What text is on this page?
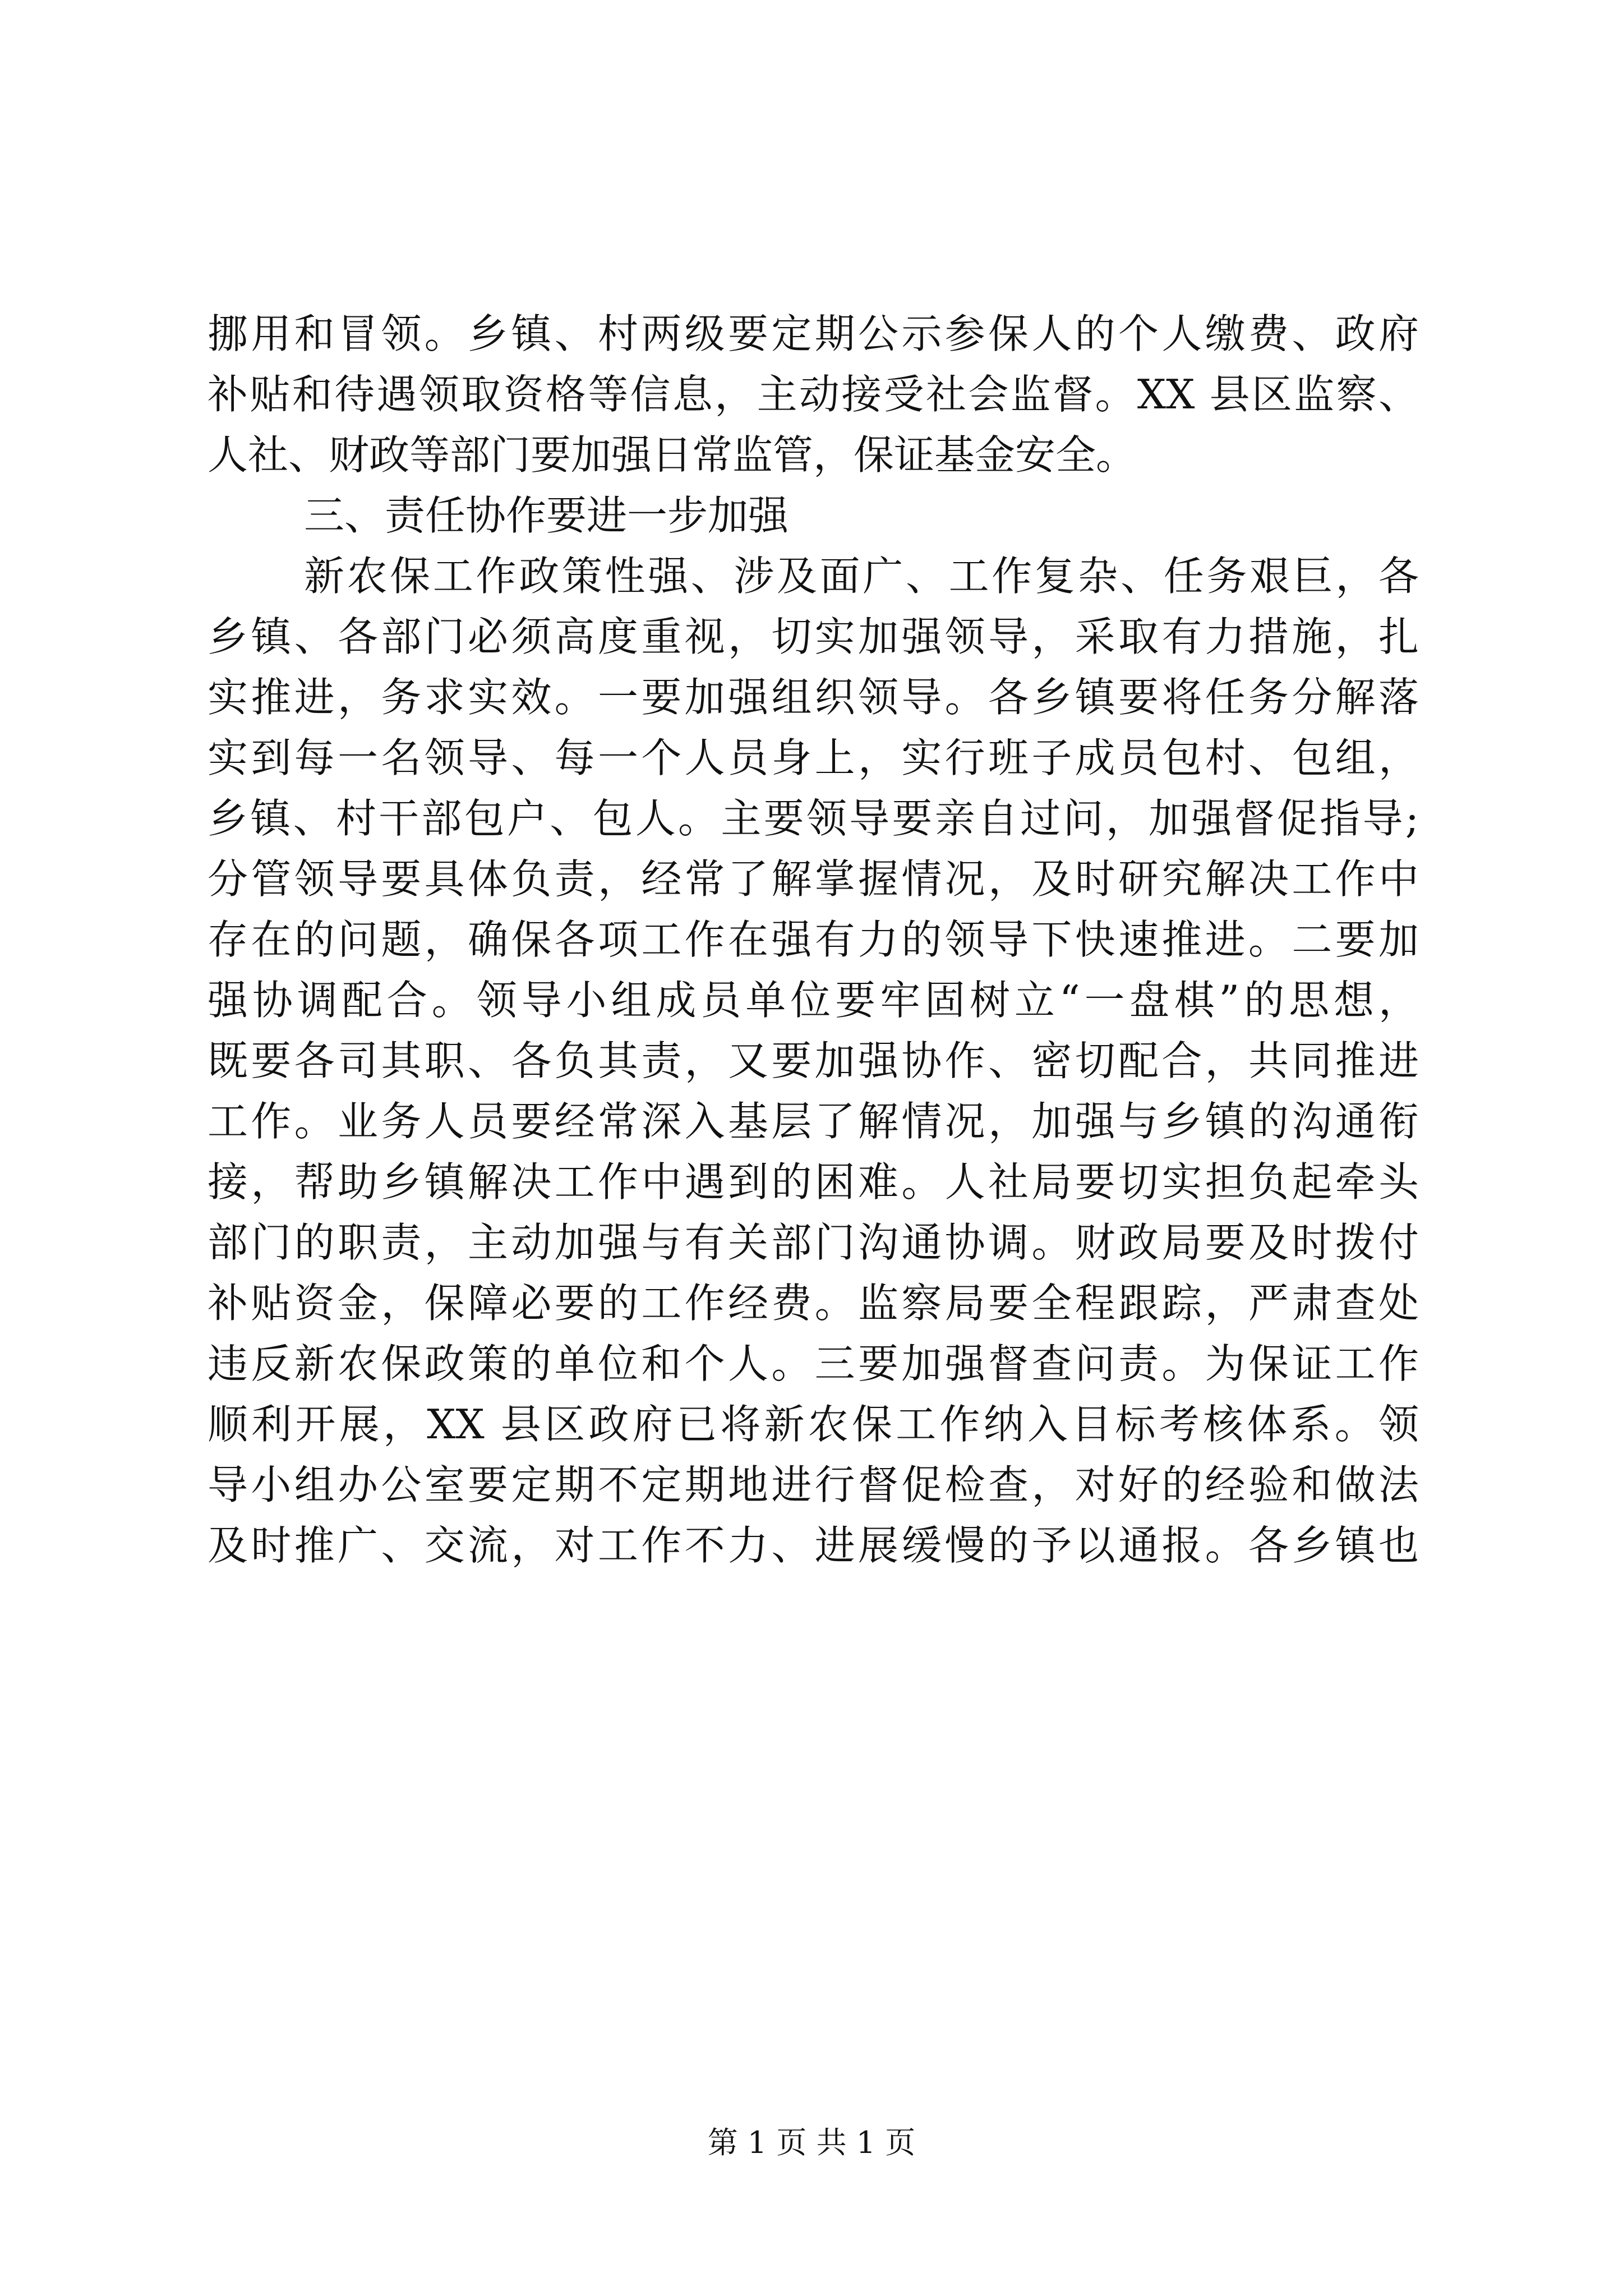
挪用和冒领。乡镇、村两级要定期公示参保人的个人缴费、政府
补贴和待遇领取资格等信息，主动接受社会监督。XX 县区监察、
人社、财政等部门要加强日常监管，保证基金安全。
三、责任协作要进一步加强
新农保工作政策性强、涉及面广、工作复杂、任务艰巨，各
乡镇、各部门必须高度重视，切实加强领导，采取有力措施，扎
实推进，务求实效。一要加强组织领导。各乡镇要将任务分解落
实到每一名领导、每一个人员身上，实行班子成员包村、包组，
乡镇、村干部包户、包人。主要领导要亲自过问，加强督促指导;
分管领导要具体负责，经常了解掌握情况，及时研究解决工作中
存在的问题，确保各项工作在强有力的领导下快速推进。二要加
强协调配合。领导小组成员单位要牢固树立“一盘棋”的思想，
既要各司其职、各负其责，又要加强协作、密切配合，共同推进
工作。业务人员要经常深入基层了解情况，加强与乡镇的沟通衔
接，帮助乡镇解决工作中遇到的困难。人社局要切实担负起牵头
部门的职责，主动加强与有关部门沟通协调。财政局要及时拨付
补贴资金，保障必要的工作经费。监察局要全程跟踪，严肃查处
违反新农保政策的单位和个人。三要加强督查问责。为保证工作
顺利开展，XX 县区政府已将新农保工作纳入目标考核体系。领
导小组办公室要定期不定期地进行督促检查，对好的经验和做法
及时推广、交流，对工作不力、进展缓慢的予以通报。各乡镇也
第 1 页 共 1 页
